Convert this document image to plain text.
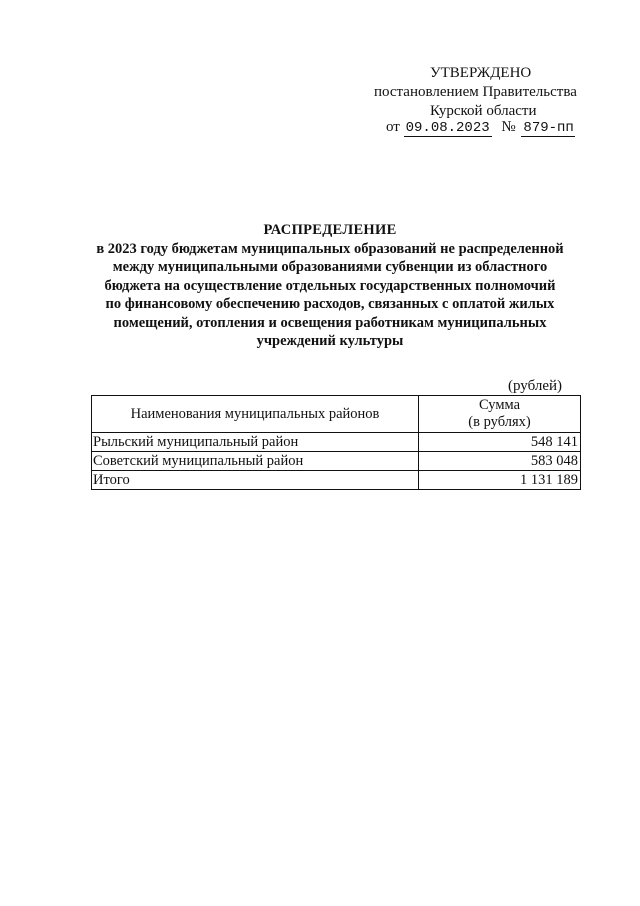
УТВЕРЖДЕНО
постановлением Правительства
Курской области
от 09.08.2023 № 879-пп
РАСПРЕДЕЛЕНИЕ
в 2023 году бюджетам муниципальных образований не распределенной
между муниципальными образованиями субвенции из областного
бюджета на осуществление отдельных государственных полномочий
по финансовому обеспечению расходов, связанных с оплатой жилых
помещений, отопления и освещения работникам муниципальных
учреждений культуры
(рублей)
Наименования муниципальных районов	Сумма
(в рублях)

Рыльский муниципальный район	548 141
Советский муниципальный район	583 048
Итого	1 131 189
